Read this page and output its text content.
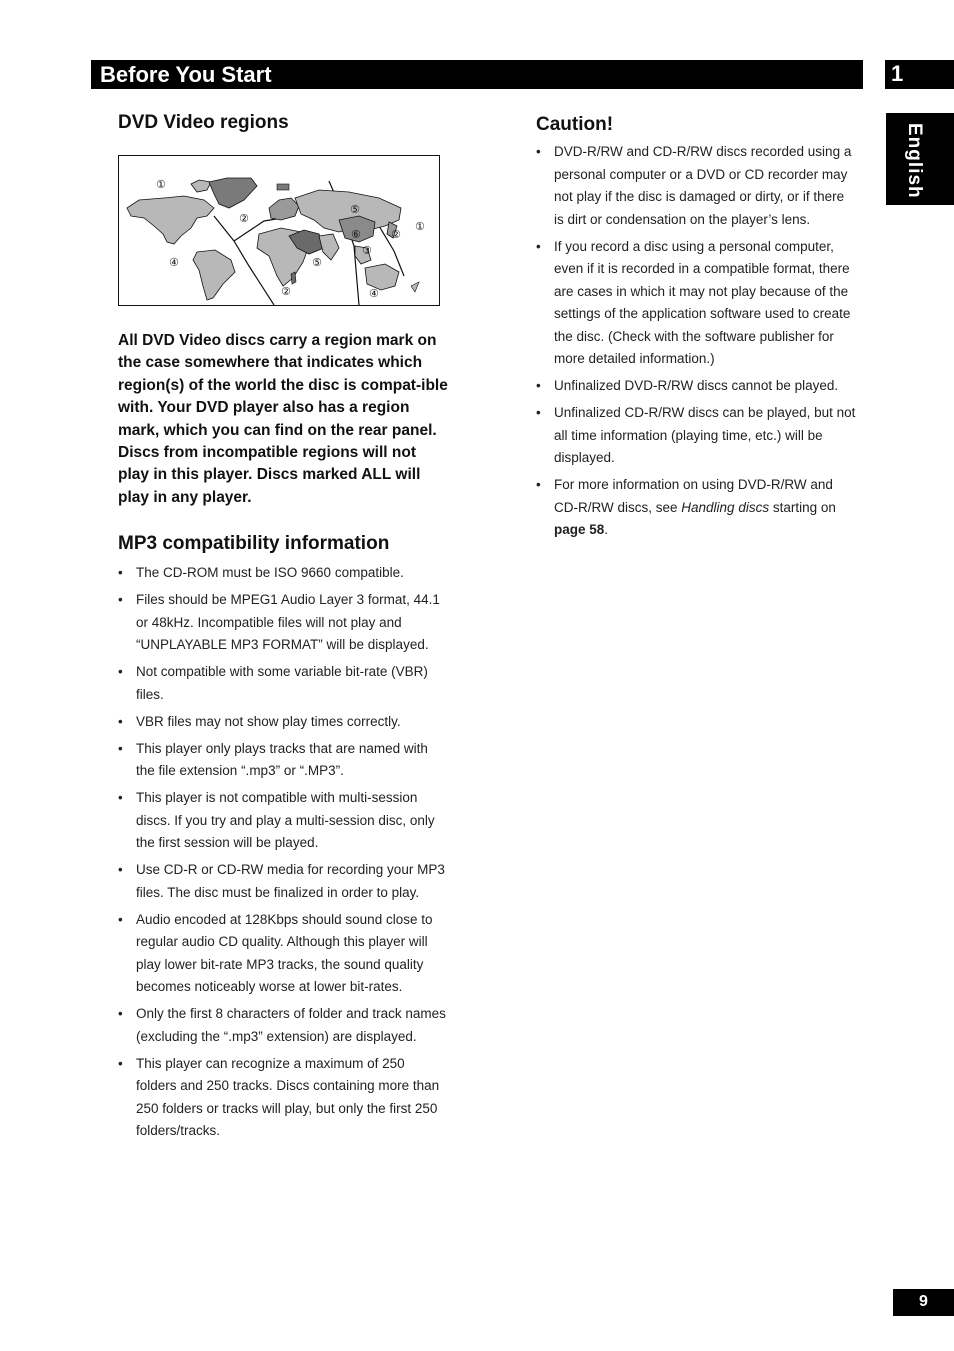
Before You Start	1
English
DVD Video regions
①
②
⑤
⑥	②
①
③
④	⑤
②	④

All DVD Video discs carry a region mark on the case somewhere that indicates which region(s) of the world the disc is compat-ible with. Your DVD player also has a region mark, which you can find on the rear panel. Discs from incompatible regions will not play in this player. Discs marked ALL will play in any player.

MP3 compatibility information
• The CD-ROM must be ISO 9660 compatible.
• Files should be MPEG1 Audio Layer 3 format, 44.1 or 48kHz. Incompatible files will not play and “UNPLAYABLE MP3 FORMAT” will be displayed.
• Not compatible with some variable bit-rate (VBR) files.
• VBR files may not show play times correctly.
• This player only plays tracks that are named with the file extension “.mp3” or “.MP3”.
• This player is not compatible with multi-session discs. If you try and play a multi-session disc, only the first session will be played.
• Use CD-R or CD-RW media for recording your MP3 files. The disc must be finalized in order to play.
• Audio encoded at 128Kbps should sound close to regular audio CD quality. Although this player will play lower bit-rate MP3 tracks, the sound quality becomes noticeably worse at lower bit-rates.
• Only the first 8 characters of folder and track names (excluding the “.mp3” extension) are displayed.
• This player can recognize a maximum of 250 folders and 250 tracks. Discs containing more than 250 folders or tracks will play, but only the first 250 folders/tracks.
Caution!
• DVD-R/RW and CD-R/RW discs recorded using a personal computer or a DVD or CD recorder may not play if the disc is damaged or dirty, or if there is dirt or condensation on the player’s lens.
• If you record a disc using a personal computer, even if it is recorded in a compatible format, there are cases in which it may not play because of the settings of the application software used to create the disc. (Check with the software publisher for more detailed information.)
• Unfinalized DVD-R/RW discs cannot be played.
• Unfinalized CD-R/RW discs can be played, but not all time information (playing time, etc.) will be displayed.
• For more information on using DVD-R/RW and CD-R/RW discs, see Handling discs starting on page 58.
9
